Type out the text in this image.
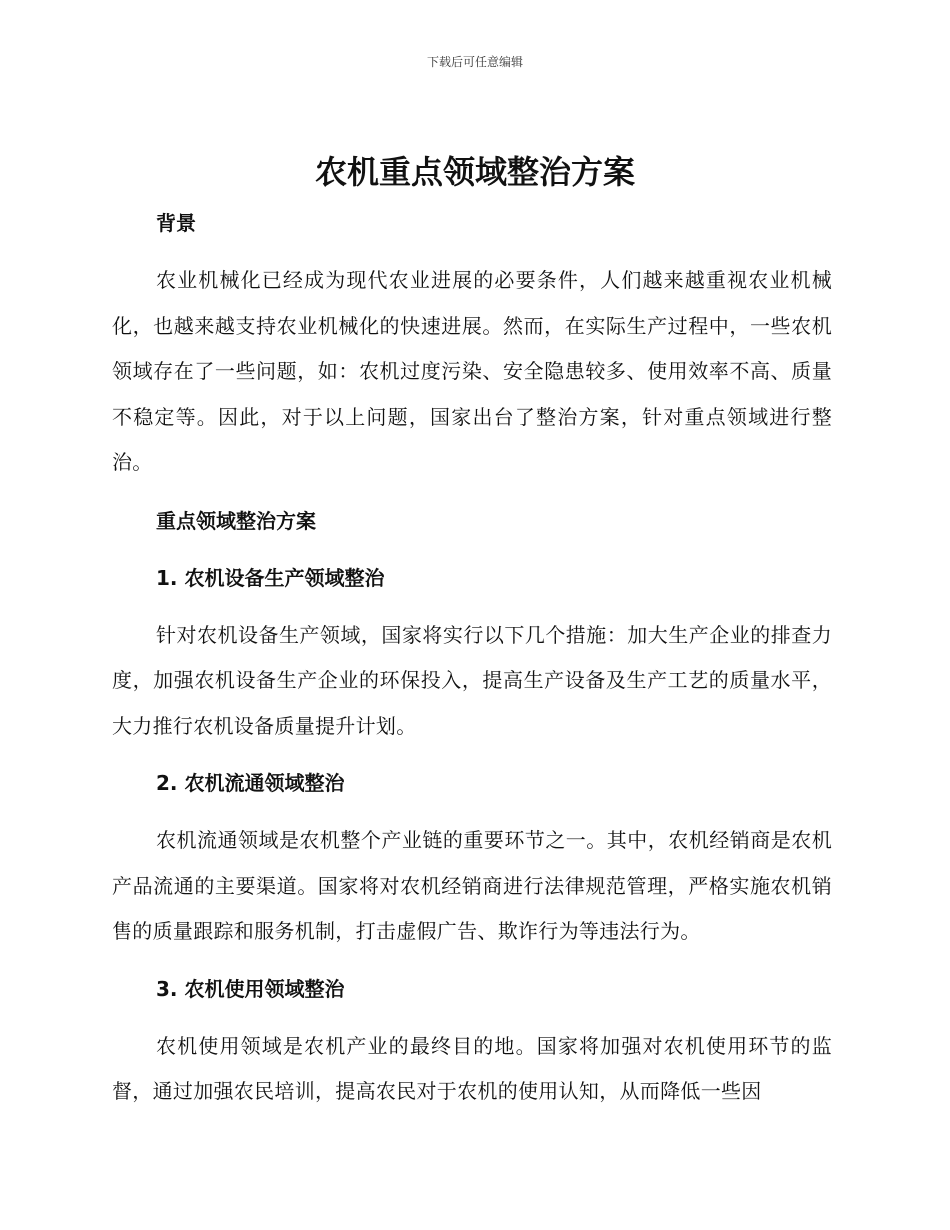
下载后可任意编辑
农机重点领域整治方案
背景

农业机械化已经成为现代农业进展的必要条件，人们越来越重视农业机械化，也越来越支持农业机械化的快速进展。然而，在实际生产过程中，一些农机领域存在了一些问题，如：农机过度污染、安全隐患较多、使用效率不高、质量不稳定等。因此，对于以上问题，国家出台了整治方案，针对重点领域进行整治。

重点领域整治方案
1. 农机设备生产领域整治

针对农机设备生产领域，国家将实行以下几个措施：加大生产企业的排查力度，加强农机设备生产企业的环保投入，提高生产设备及生产工艺的质量水平，大力推行农机设备质量提升计划。

2. 农机流通领域整治

农机流通领域是农机整个产业链的重要环节之一。其中，农机经销商是农机产品流通的主要渠道。国家将对农机经销商进行法律规范管理，严格实施农机销售的质量跟踪和服务机制，打击虚假广告、欺诈行为等违法行为。

3. 农机使用领域整治

农机使用领域是农机产业的最终目的地。国家将加强对农机使用环节的监督，通过加强农民培训，提高农民对于农机的使用认知，从而降低一些因
